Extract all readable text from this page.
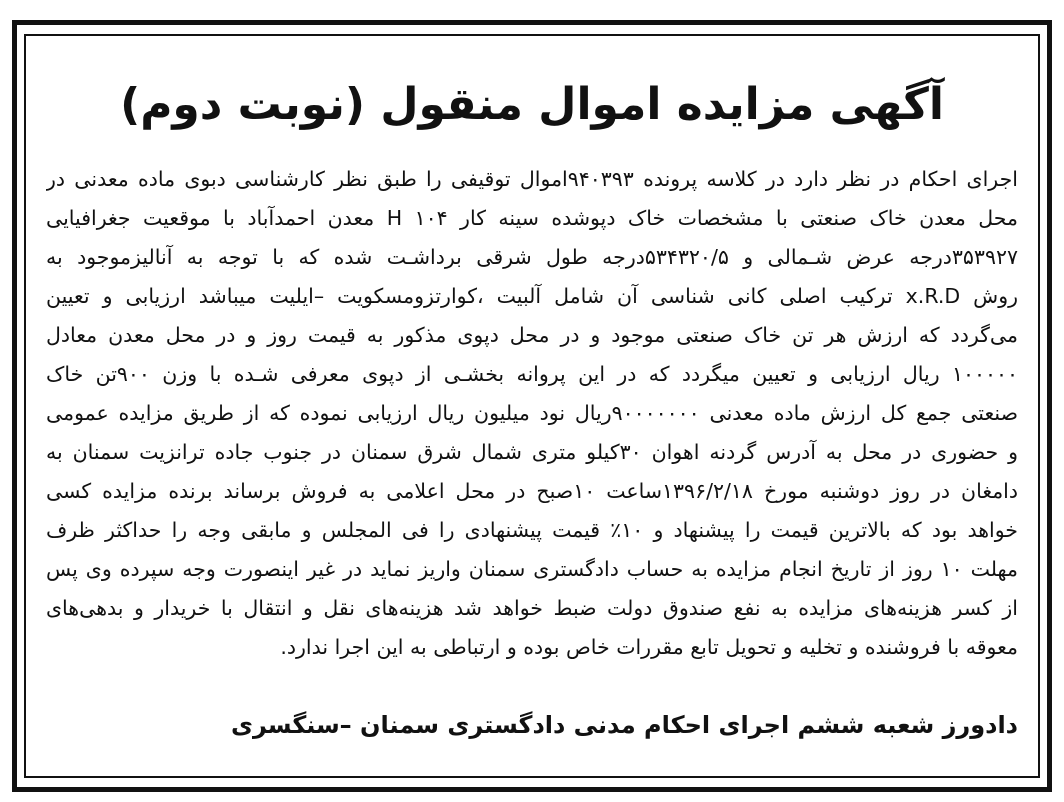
آگهی مزایده اموال منقول (نوبت دوم)
اجرای احکام در نظر دارد در کلاسه پرونده ۹۴۰۳۹۳اموال توقیفی را طبق نظر کارشناسی دبوی ماده معدنی در
محل معدن خاک صنعتی با مشخصات خاک دپوشده سینه کار ۱۰۴ H معدن احمدآباد با موقعیت جغرافیایی
۳۵۳۹۲۷درجه عرض شـمالی و ۵۳۴۳۲۰/۵درجه طول شرقی برداشـت شده که با توجه به آنالیزموجود به
روش x.R.D ترکیب اصلی کانی شناسی آن شامل آلبیت ،کوارتزومسکویت –ایلیت میباشد ارزیابی و تعیین
می‌گردد که ارزش هر تن خاک صنعتی موجود و در محل دپوی مذکور به قیمت روز و در محل معدن معادل
۱۰۰۰۰۰ ریال ارزیابی و تعیین میگردد که در این پروانه بخشـی از دپوی معرفی شـده با وزن ۹۰۰تن خاک
صنعتی جمع کل ارزش ماده معدنی ۹۰۰۰۰۰۰۰ریال نود میلیون ریال ارزیابی نموده که از طریق مزایده عمومی
و حضوری در محل به آدرس گردنه اهوان ۳۰کیلو متری شمال شرق سمنان در جنوب جاده ترانزیت سمنان به
دامغان در روز دوشنبه مورخ ۱۳۹۶/۲/۱۸ساعت ۱۰صبح در محل اعلامی به فروش برساند برنده مزایده کسی
خواهد بود که بالاترین قیمت را پیشنهاد و ۱۰٪ قیمت پیشنهادی را فی المجلس و مابقی وجه را حداکثر ظرف
مهلت ۱۰ روز از تاریخ انجام مزایده به حساب دادگستری سمنان واریز نماید در غیر اینصورت وجه سپرده وی پس
از کسر هزینه‌های مزایده به نفع صندوق دولت ضبط خواهد شد هزینه‌های نقل و انتقال با خریدار و بدهی‌های
معوقه با فروشنده و تخلیه و تحویل تابع مقررات خاص بوده و ارتباطی به این اجرا ندارد.

دادورز شعبه ششم اجرای احکام مدنی دادگستری سمنان –سنگسری
